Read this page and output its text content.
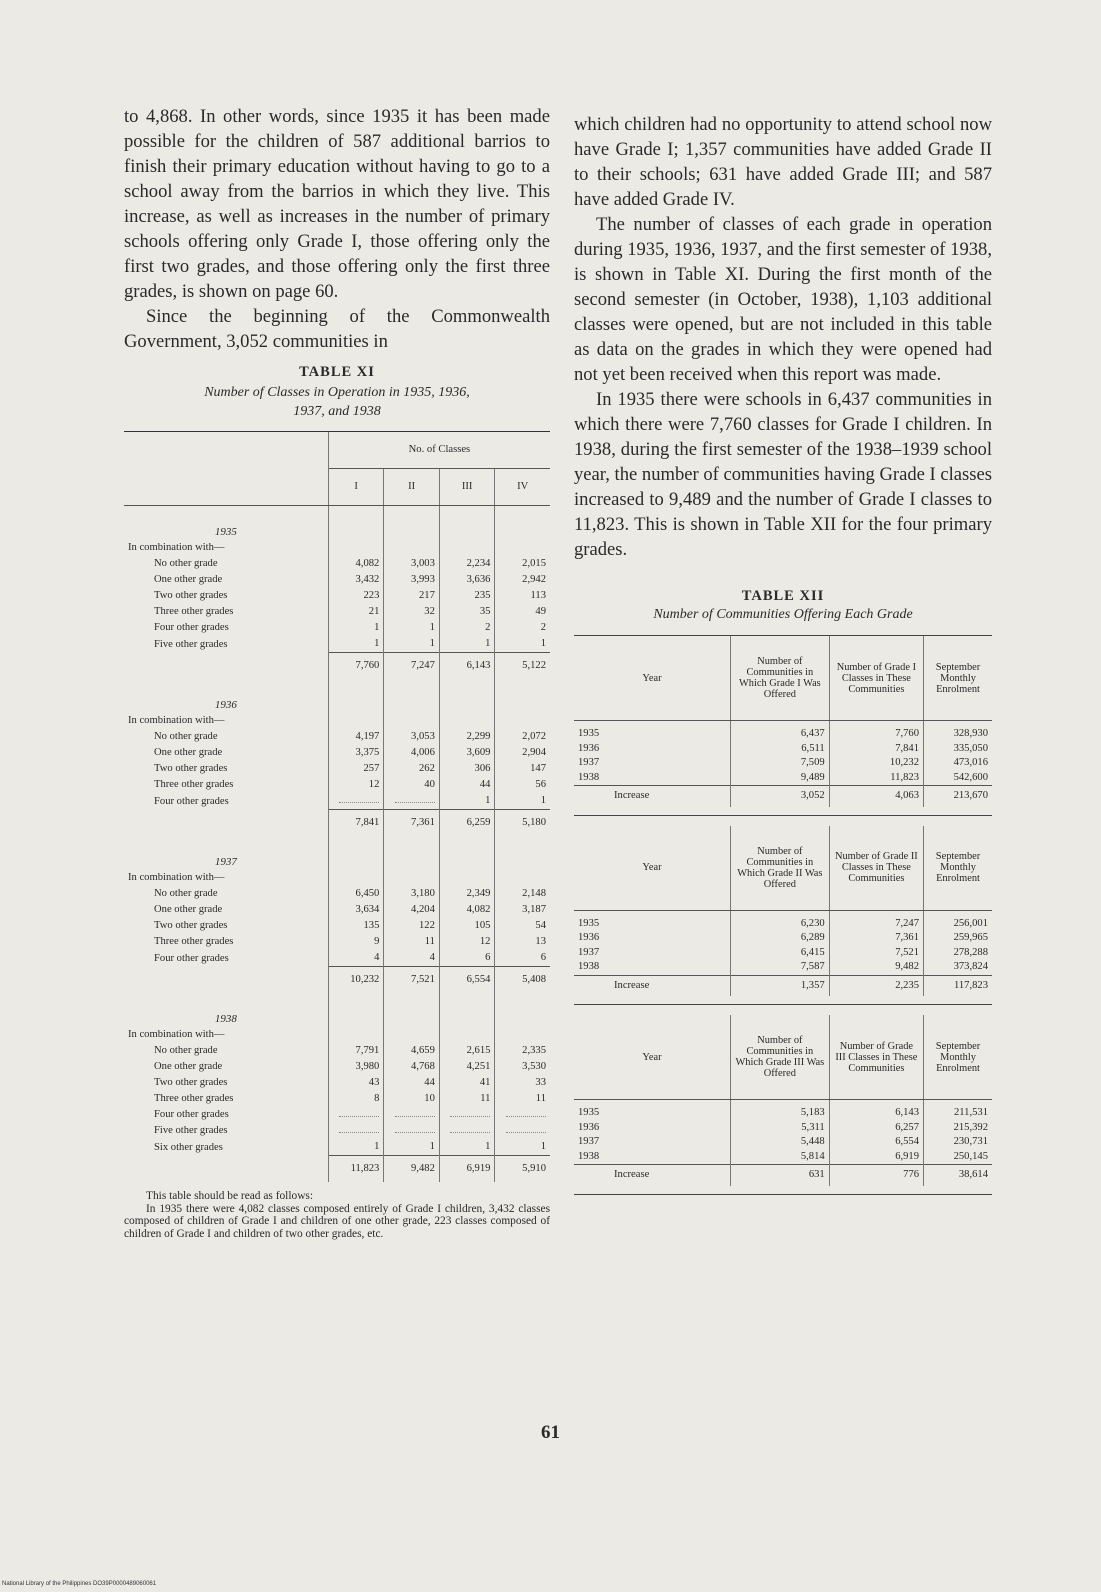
to 4,868. In other words, since 1935 it has been made possible for the children of 587 additional barrios to finish their primary education without having to go to a school away from the barrios in which they live. This increase, as well as increases in the number of primary schools offering only Grade I, those offering only the first two grades, and those offering only the first three grades, is shown on page 60.

Since the beginning of the Commonwealth Government, 3,052 communities in

TABLE XI
Number of Classes in Operation in 1935, 1936,
1937, and 1938
	No. of Classes			
	I	II	III	IV
1935				
In combination with—				
No other grade	4,082	3,003	2,234	2,015
One other grade	3,432	3,993	3,636	2,942
Two other grades	223	217	235	113
Three other grades	21	32	35	49
Four other grades	1	1	2	2
Five other grades	1	1	1	1
	7,760	7,247	6,143	5,122
1936				
In combination with—				
No other grade	4,197	3,053	2,299	2,072
One other grade	3,375	4,006	3,609	2,904
Two other grades	257	262	306	147
Three other grades	12	40	44	56
Four other grades			1	1
	7,841	7,361	6,259	5,180
1937				
In combination with—				
No other grade	6,450	3,180	2,349	2,148
One other grade	3,634	4,204	4,082	3,187
Two other grades	135	122	105	54
Three other grades	9	11	12	13
Four other grades	4	4	6	6
	10,232	7,521	6,554	5,408
1938				
In combination with—				
No other grade	7,791	4,659	2,615	2,335
One other grade	3,980	4,768	4,251	3,530
Two other grades	43	44	41	33
Three other grades	8	10	11	11
Four other grades				
Five other grades				
Six other grades	1	1	1	1
	11,823	9,482	6,919	5,910

This table should be read as follows:

In 1935 there were 4,082 classes composed entirely of Grade I children, 3,432 classes composed of children of Grade I and children of one other grade, 223 classes composed of children of Grade I and children of two other grades, etc.

which children had no opportunity to attend school now have Grade I; 1,357 communities have added Grade II to their schools; 631 have added Grade III; and 587 have added Grade IV.

The number of classes of each grade in operation during 1935, 1936, 1937, and the first semester of 1938, is shown in Table XI. During the first month of the second semester (in October, 1938), 1,103 additional classes were opened, but are not included in this table as data on the grades in which they were opened had not yet been received when this report was made.

In 1935 there were schools in 6,437 communities in which there were 7,760 classes for Grade I children. In 1938, during the first semester of the 1938–1939 school year, the number of communities having Grade I classes increased to 9,489 and the number of Grade I classes to 11,823. This is shown in Table XII for the four primary grades.

TABLE XII
Number of Communities Offering Each Grade
Year	Number of Communities in Which Grade I Was Offered	Number of Grade I Classes in These Communities	September Monthly Enrolment

1935	6,437	7,760	328,930
1936	6,511	7,841	335,050
1937	7,509	10,232	473,016
1938	9,489	11,823	542,600
Increase	3,052	4,063	213,670

Year	Number of Communities in Which Grade II Was Offered	Number of Grade II Classes in These Communities	September Monthly Enrolment

1935	6,230	7,247	256,001
1936	6,289	7,361	259,965
1937	6,415	7,521	278,288
1938	7,587	9,482	373,824
Increase	1,357	2,235	117,823

Year	Number of Communities in Which Grade III Was Offered	Number of Grade III Classes in These Communities	September Monthly Enrolment

1935	5,183	6,143	211,531
1936	5,311	6,257	215,392
1937	5,448	6,554	230,731
1938	5,814	6,919	250,145
Increase	631	776	38,614

61
National Library of the Philippines DO39P0000489060061
